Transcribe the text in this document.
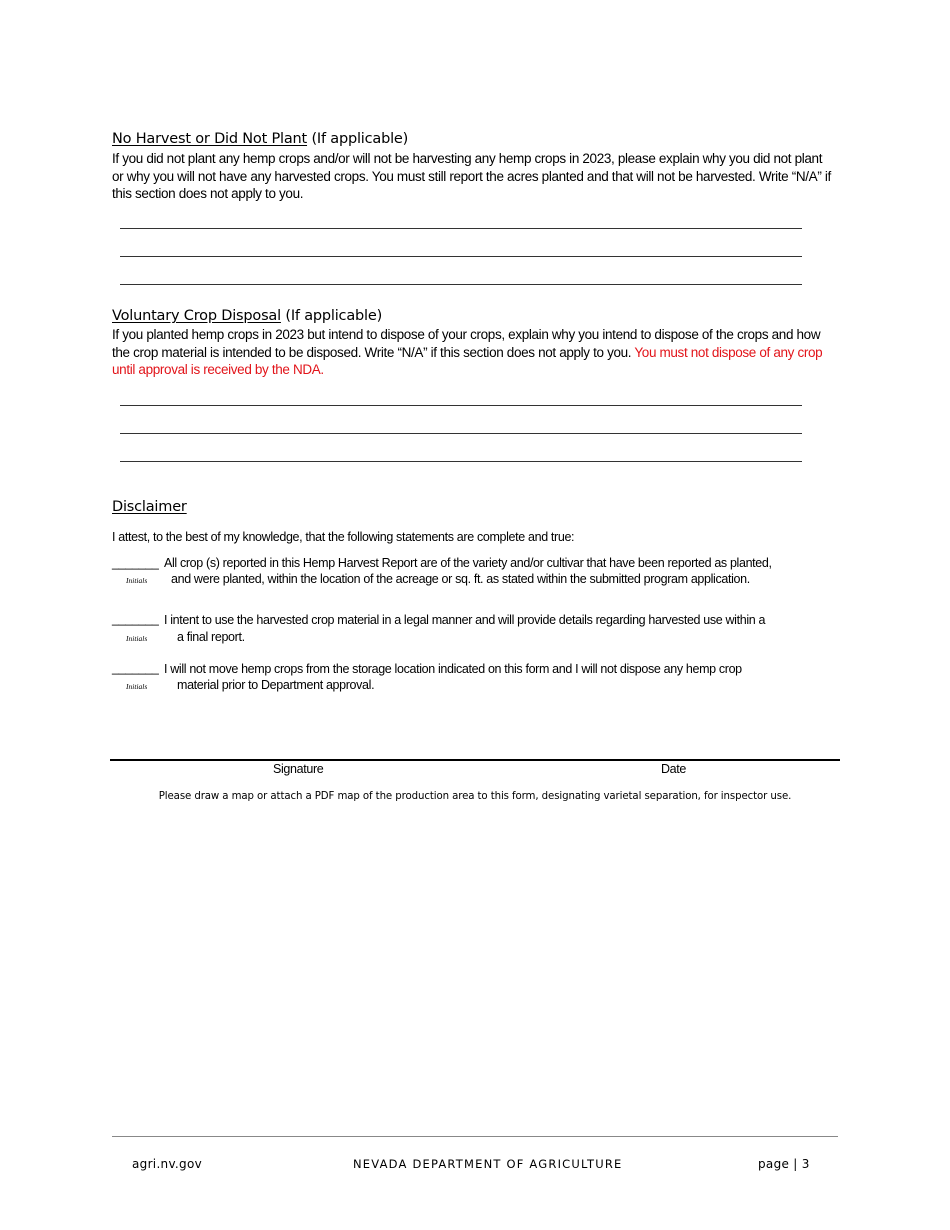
No Harvest or Did Not Plant (If applicable)
If you did not plant any hemp crops and/or will not be harvesting any hemp crops in 2023, please explain why you did not plant or why you will not have any harvested crops. You must still report the acres planted and that will not be harvested. Write “N/A” if this section does not apply to you.
Voluntary Crop Disposal (If applicable)
If you planted hemp crops in 2023 but intend to dispose of your crops, explain why you intend to dispose of the crops and how the crop material is intended to be disposed. Write “N/A” if this section does not apply to you. You must not dispose of any crop until approval is received by the NDA.
Disclaimer
I attest, to the best of my knowledge, that the following statements are complete and true:
_______
Initials
All crop (s) reported in this Hemp Harvest Report are of the variety and/or cultivar that have been reported as planted,
and were planted, within the location of the acreage or sq. ft. as stated within the submitted program application.
_______
Initials
I intent to use the harvested crop material in a legal manner and will provide details regarding harvested use within a
a final report.
_______
Initials
I will not move hemp crops from the storage location indicated on this form and I will not dispose any hemp crop
material prior to Department approval.
Signature	Date
Please draw a map or attach a PDF map of the production area to this form, designating varietal separation, for inspector use.
agri.nv.gov	NEVADA DEPARTMENT OF AGRICULTURE	page | 3
